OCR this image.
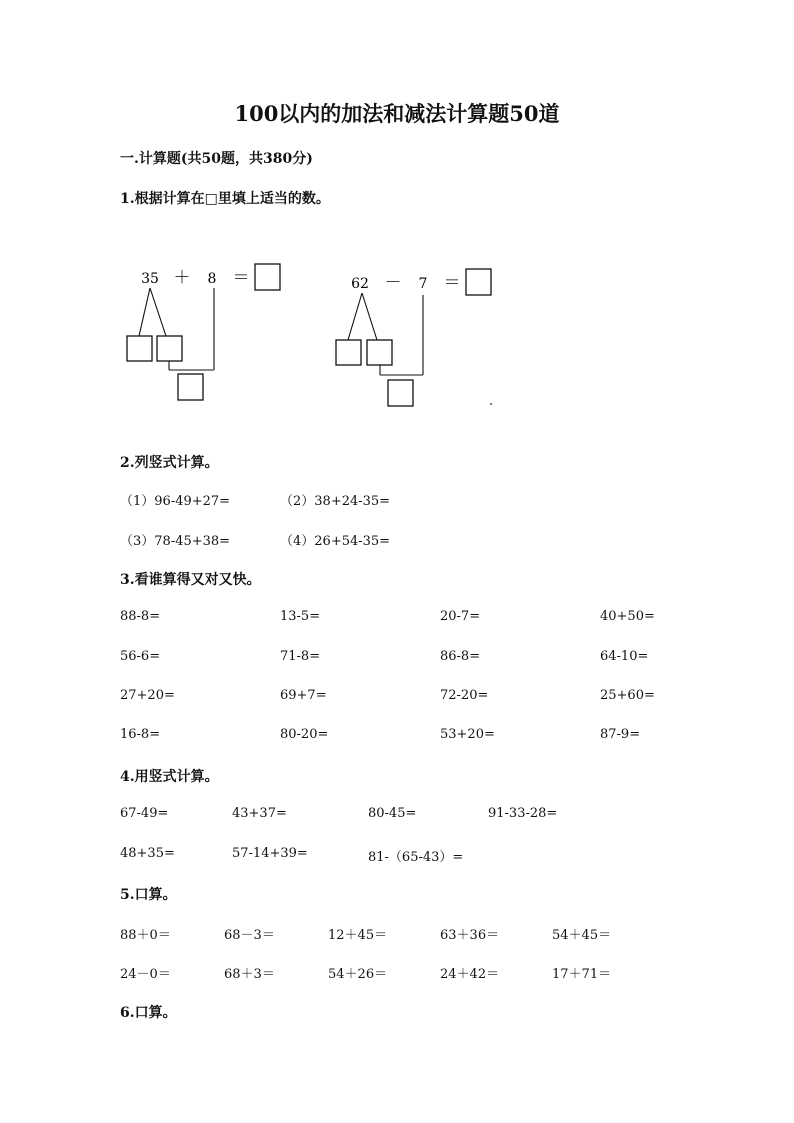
100以内的加法和减法计算题50道
一.计算题(共50题，共380分)
1.根据计算在□里填上适当的数。
35 ＋ 8 ＝	62 － 7 ＝
2.列竖式计算。
（1）96-49+27=	（2）38+24-35=
（3）78-45+38=	（4）26+54-35=
3.看谁算得又对又快。
88-8=	13-5=	20-7=	40+50=
56-6=	71-8=	86-8=	64-10=
27+20=	69+7=	72-20=	25+60=
16-8=	80-20=	53+20=	87-9=
4.用竖式计算。
67-49=	43+37=	80-45=	91-33-28=
48+35=	57-14+39=	81-（65-43）=
5.口算。
88＋0＝	68－3＝	12＋45＝	63＋36＝	54＋45＝
24－0＝	68＋3＝	54＋26＝	24＋42＝	17＋71＝
6.口算。
